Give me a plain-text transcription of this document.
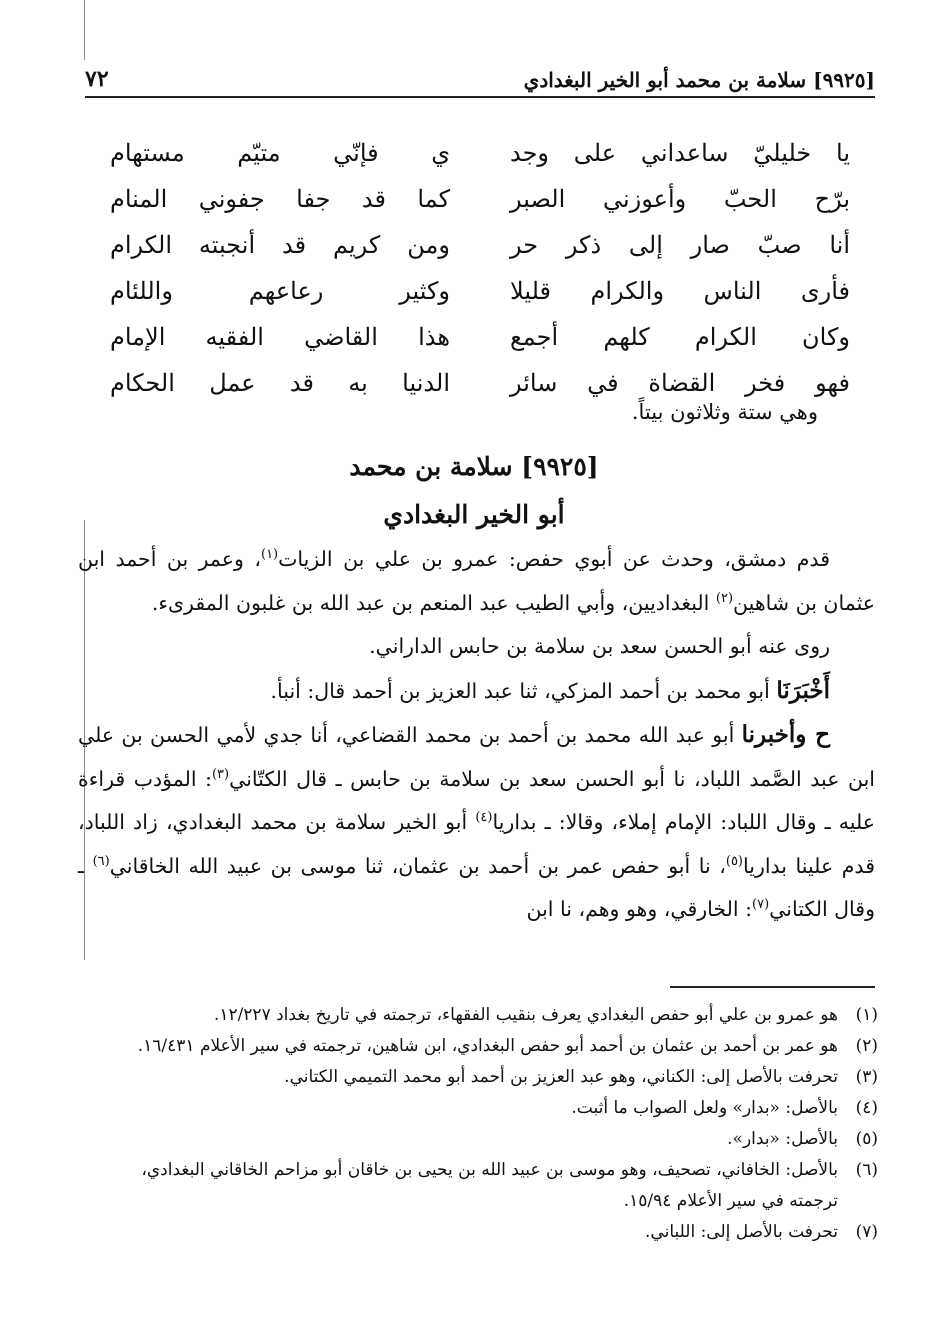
[٩٩٢٥] سلامة بن محمد أبو الخير البغدادي
٧٢
يا خليليّ ساعداني على وجد
ي فإنّي متيّم مستهام
برّح الحبّ وأعوزني الصبر
كما قد جفا جفوني المنام
أنا صبّ صار إلى ذكر حر
ومن كريم قد أنجبته الكرام
فأرى الناس والكرام قليلا
وكثير رعاعهم واللئام
وكان الكرام كلهم أجمع
هذا القاضي الفقيه الإمام
فهو فخر القضاة في سائر
الدنيا به قد عمل الحكام
وهي ستة وثلاثون بيتاً.
[٩٩٢٥] سلامة بن محمد
أبو الخير البغدادي

قدم دمشق، وحدث عن أبوي حفص: عمرو بن علي بن الزيات$^{(١)}$، وعمر بن أحمد ابن عثمان بن شاهين$^{(٢)}$ البغداديين، وأبي الطيب عبد المنعم بن عبد الله بن غلبون المقرىء.

روى عنه أبو الحسن سعد بن سلامة بن حابس الداراني.

أَخْبَرَنَا أبو محمد بن أحمد المزكي، ثنا عبد العزيز بن أحمد قال: أنبأ.

ح وأخبرنا أبو عبد الله محمد بن أحمد بن محمد القضاعي، أنا جدي لأمي الحسن بن علي ابن عبد الصَّمد اللباد، نا أبو الحسن سعد بن سلامة بن حابس ـ قال الكتّاني$^{(٣)}$: المؤدب قراءة عليه ـ وقال اللباد: الإمام إملاء، وقالا: ـ بداريا$^{(٤)}$ أبو الخير سلامة بن محمد البغدادي، زاد اللباد، قدم علينا بداريا$^{(٥)}$، نا أبو حفص عمر بن أحمد بن عثمان، ثنا موسى بن عبيد الله الخاقاني$^{(٦)}$ ـ وقال الكتاني$^{(٧)}$: الخارقي، وهو وهم، نا ابن

(١)
هو عمرو بن علي أبو حفص البغدادي يعرف بنقيب الفقهاء، ترجمته في تاريخ بغداد ١٢/٢٢٧.
(٢)
هو عمر بن أحمد بن عثمان بن أحمد أبو حفص البغدادي، ابن شاهين، ترجمته في سير الأعلام ١٦/٤٣١.
(٣)
تحرفت بالأصل إلى: الكناني، وهو عبد العزيز بن أحمد أبو محمد التميمي الكتاني.
(٤)
بالأصل: «بدار» ولعل الصواب ما أثبت.
(٥)
بالأصل: «بدار».
(٦)
بالأصل: الخافاني، تصحيف، وهو موسى بن عبيد الله بن يحيى بن خاقان أبو مزاحم الخاقاني البغدادي،
ترجمته في سير الأعلام ١٥/٩٤.
(٧)
تحرفت بالأصل إلى: اللباني.
